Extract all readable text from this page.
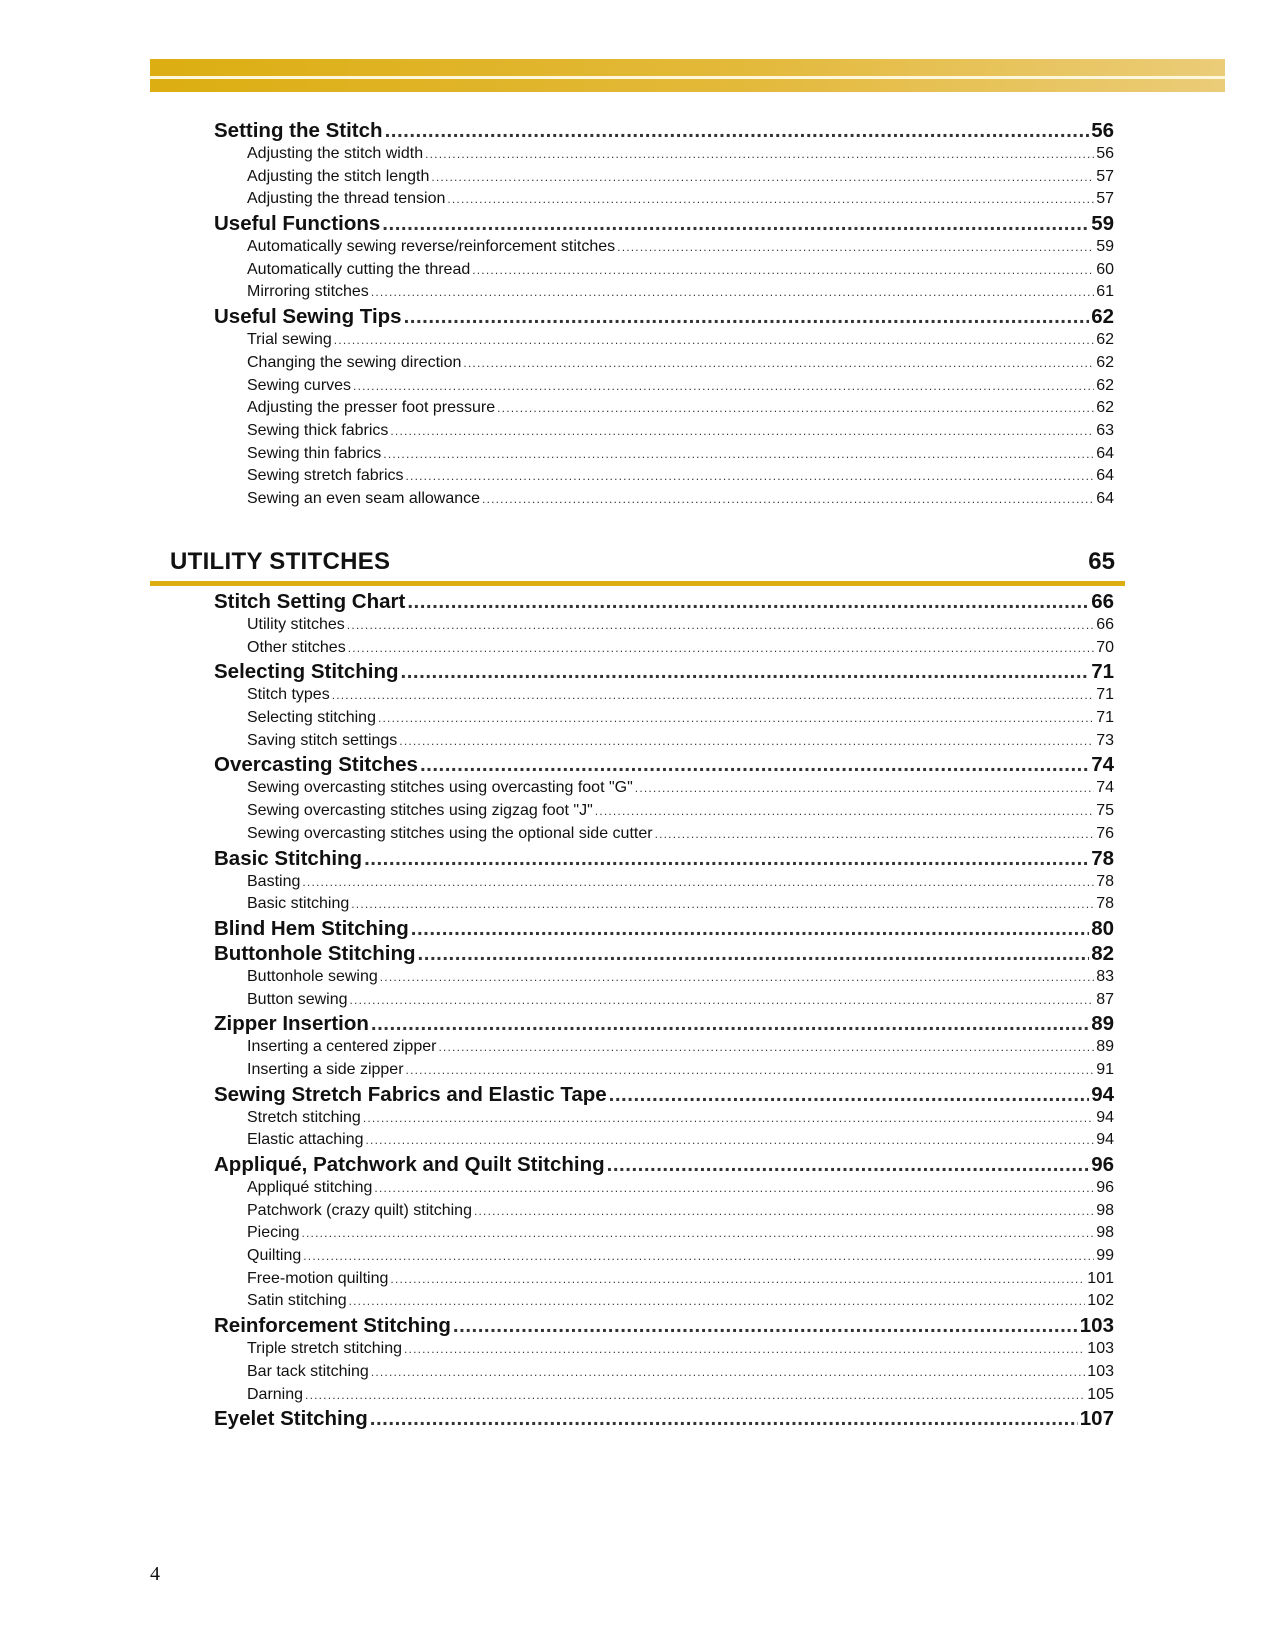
Setting the Stitch .....	56
Adjusting the stitch width .....	56
Adjusting the stitch length .....	57
Adjusting the thread tension .....	57
Useful Functions .....	59
Automatically sewing reverse/reinforcement stitches .....	59
Automatically cutting the thread .....	60
Mirroring stitches .....	61
Useful Sewing Tips .....	62
Trial sewing .....	62
Changing the sewing direction .....	62
Sewing curves .....	62
Adjusting the presser foot pressure .....	62
Sewing thick fabrics .....	63
Sewing thin fabrics .....	64
Sewing stretch fabrics .....	64
Sewing an even seam allowance .....	64
UTILITY STITCHES	65
Stitch Setting Chart .....	66
Utility stitches .....	66
Other stitches .....	70
Selecting Stitching .....	71
Stitch types .....	71
Selecting stitching .....	71
Saving stitch settings .....	73
Overcasting Stitches .....	74
Sewing overcasting stitches using overcasting foot "G" .....	74
Sewing overcasting stitches using zigzag foot "J" .....	75
Sewing overcasting stitches using the optional side cutter .....	76
Basic Stitching .....	78
Basting .....	78
Basic stitching .....	78
Blind Hem Stitching .....	80
Buttonhole Stitching .....	82
Buttonhole sewing .....	83
Button sewing .....	87
Zipper Insertion .....	89
Inserting a centered zipper .....	89
Inserting a side zipper .....	91
Sewing Stretch Fabrics and Elastic Tape .....	94
Stretch stitching .....	94
Elastic attaching .....	94
Appliqué, Patchwork and Quilt Stitching .....	96
Appliqué stitching .....	96
Patchwork (crazy quilt) stitching .....	98
Piecing .....	98
Quilting .....	99
Free-motion quilting .....	101
Satin stitching .....	102
Reinforcement Stitching .....	103
Triple stretch stitching .....	103
Bar tack stitching .....	103
Darning .....	105
Eyelet Stitching .....	107
4
